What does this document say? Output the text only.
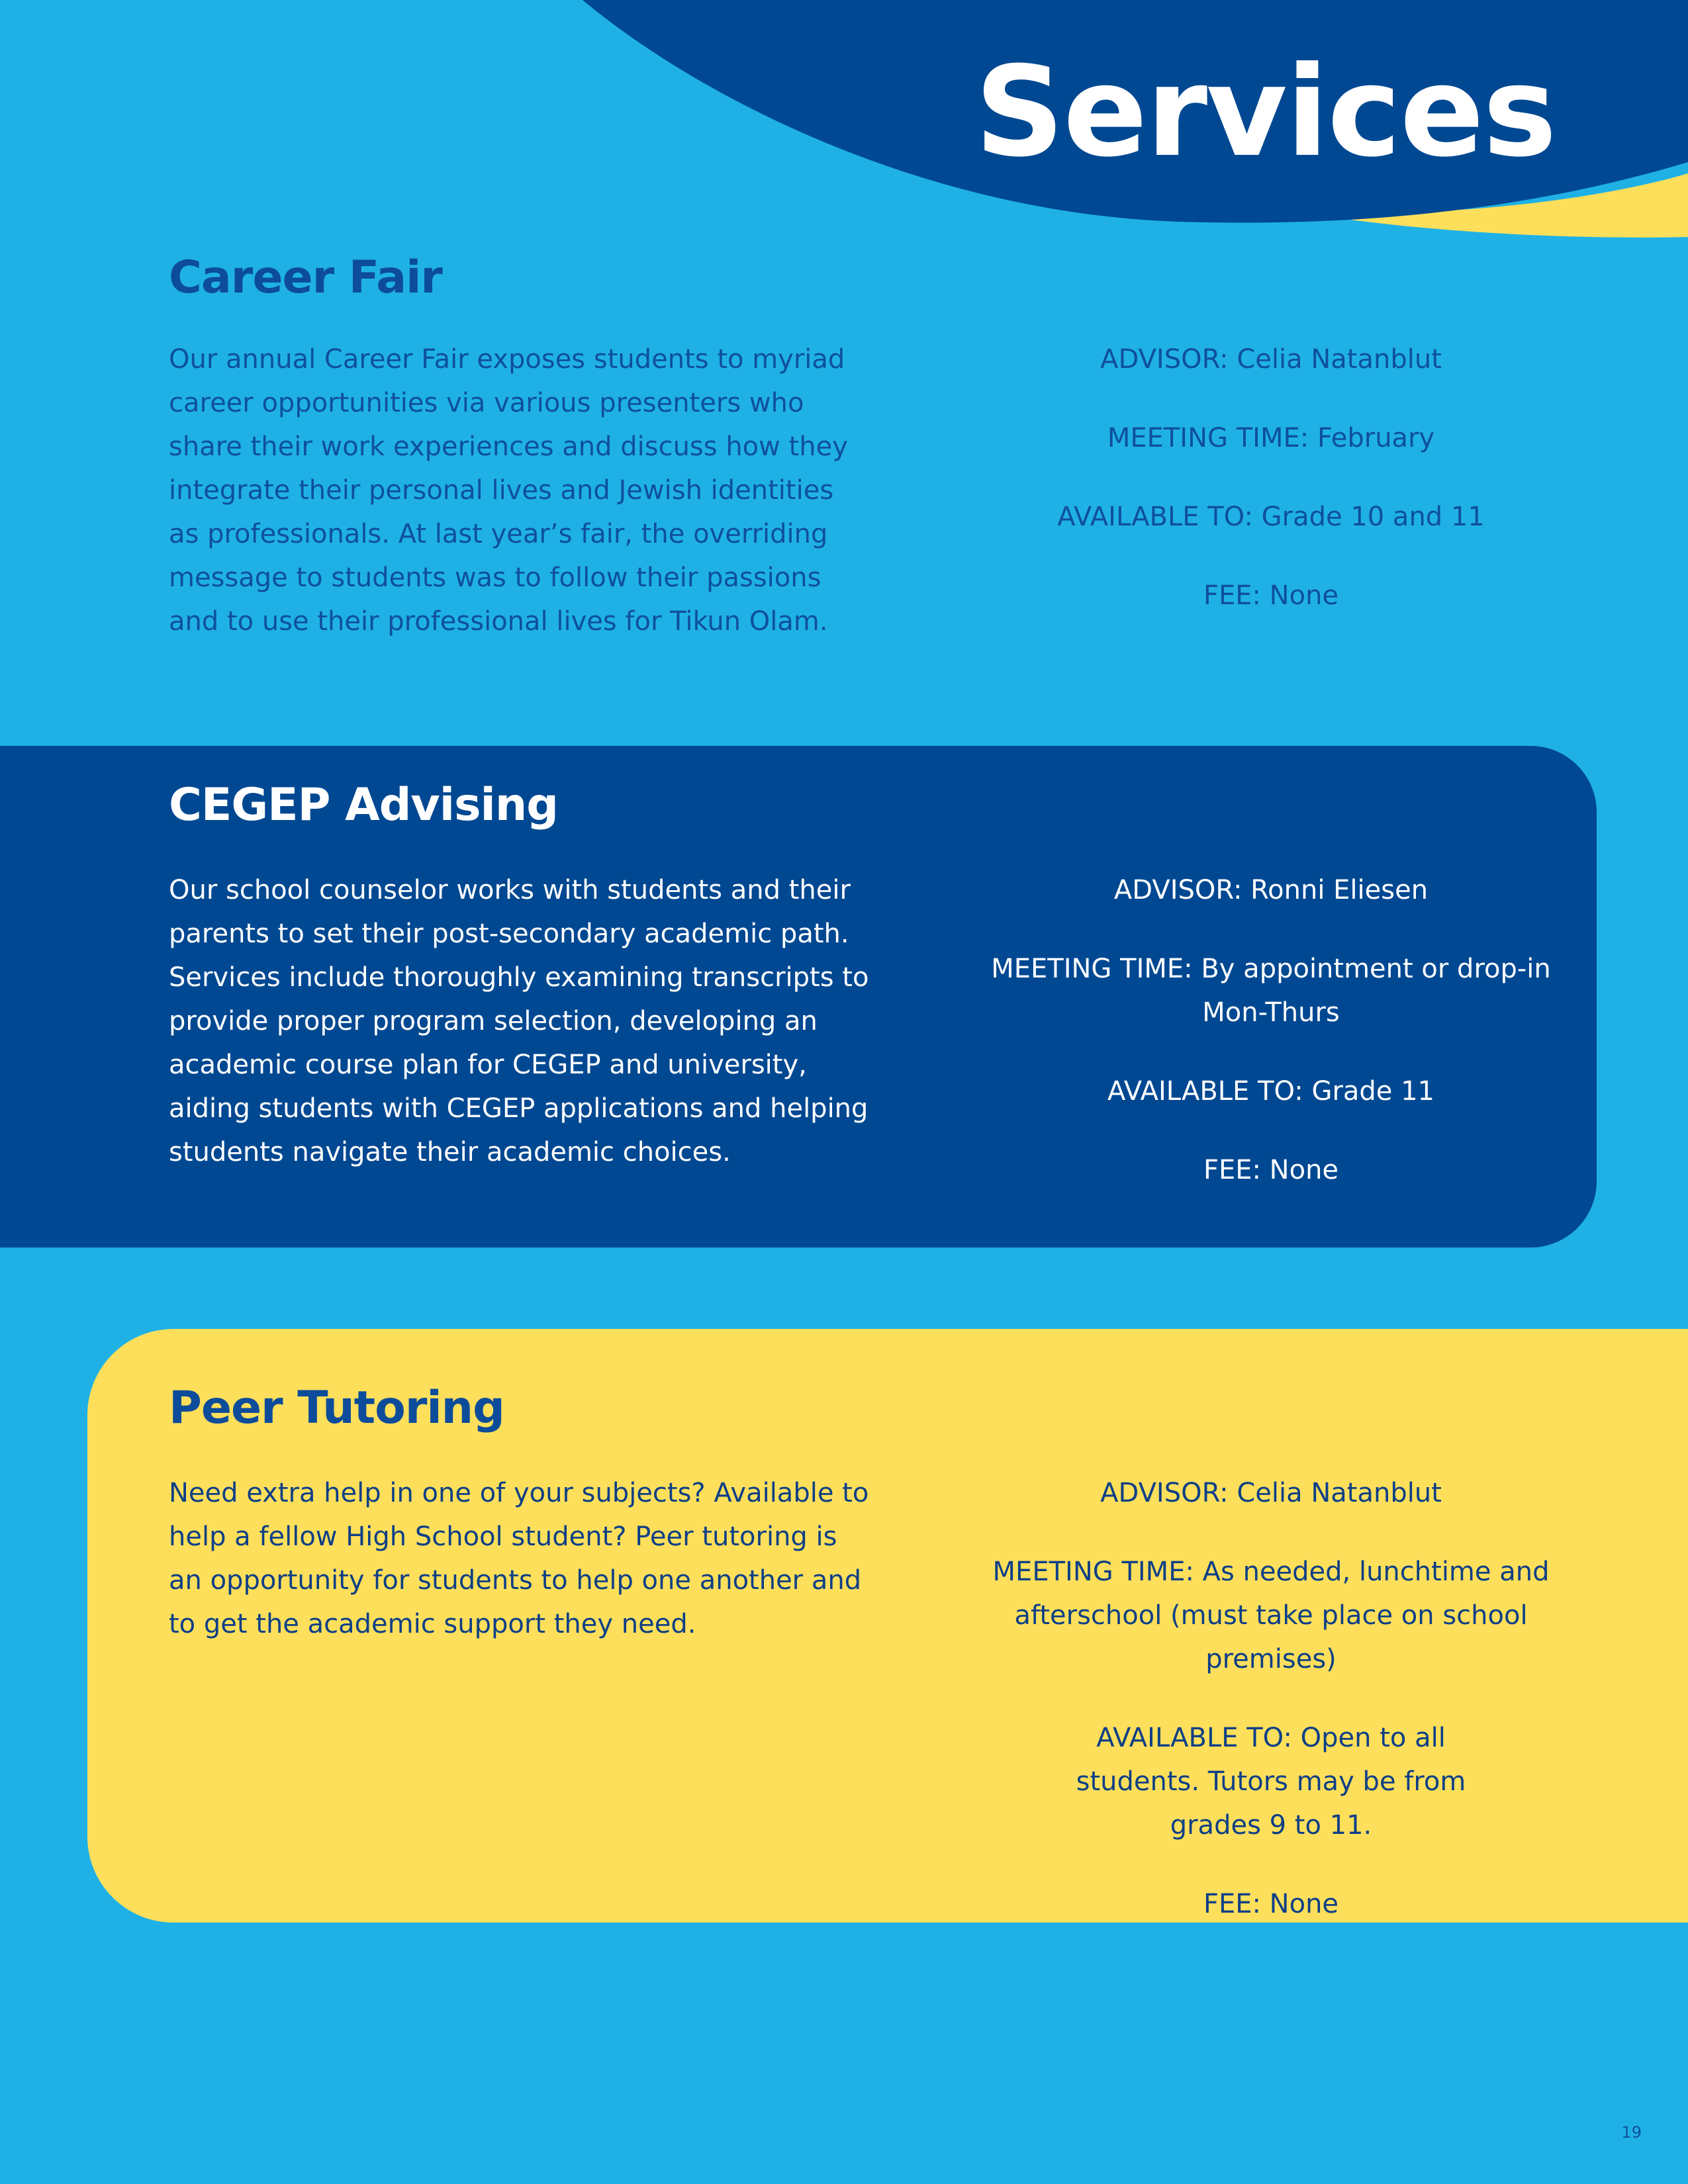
Services
Career Fair

Our annual Career Fair exposes students to myriad career opportunities via various presenters who share their work experiences and discuss how they integrate their personal lives and Jewish identities as professionals. At last year’s fair, the overriding message to students was to follow their passions and to use their professional lives for Tikun Olam.

ADVISOR: Celia Natanblut

MEETING TIME: February

AVAILABLE TO: Grade 10 and 11

FEE: None

CEGEP Advising

Our school counselor works with students and their parents to set their post-secondary academic path. Services include thoroughly examining transcripts to provide proper program selection, developing an academic course plan for CEGEP and university, aiding students with CEGEP applications and helping students navigate their academic choices.

ADVISOR: Ronni Eliesen

MEETING TIME: By appointment or drop-in Mon-Thurs

AVAILABLE TO: Grade 11

FEE: None

Peer Tutoring

Need extra help in one of your subjects? Available to help a fellow High School student? Peer tutoring is an opportunity for students to help one another and to get the academic support they need.

ADVISOR: Celia Natanblut

MEETING TIME: As needed, lunchtime and afterschool (must take place on school premises)

AVAILABLE TO: Open to all students. Tutors may be from grades 9 to 11.

FEE: None

19
